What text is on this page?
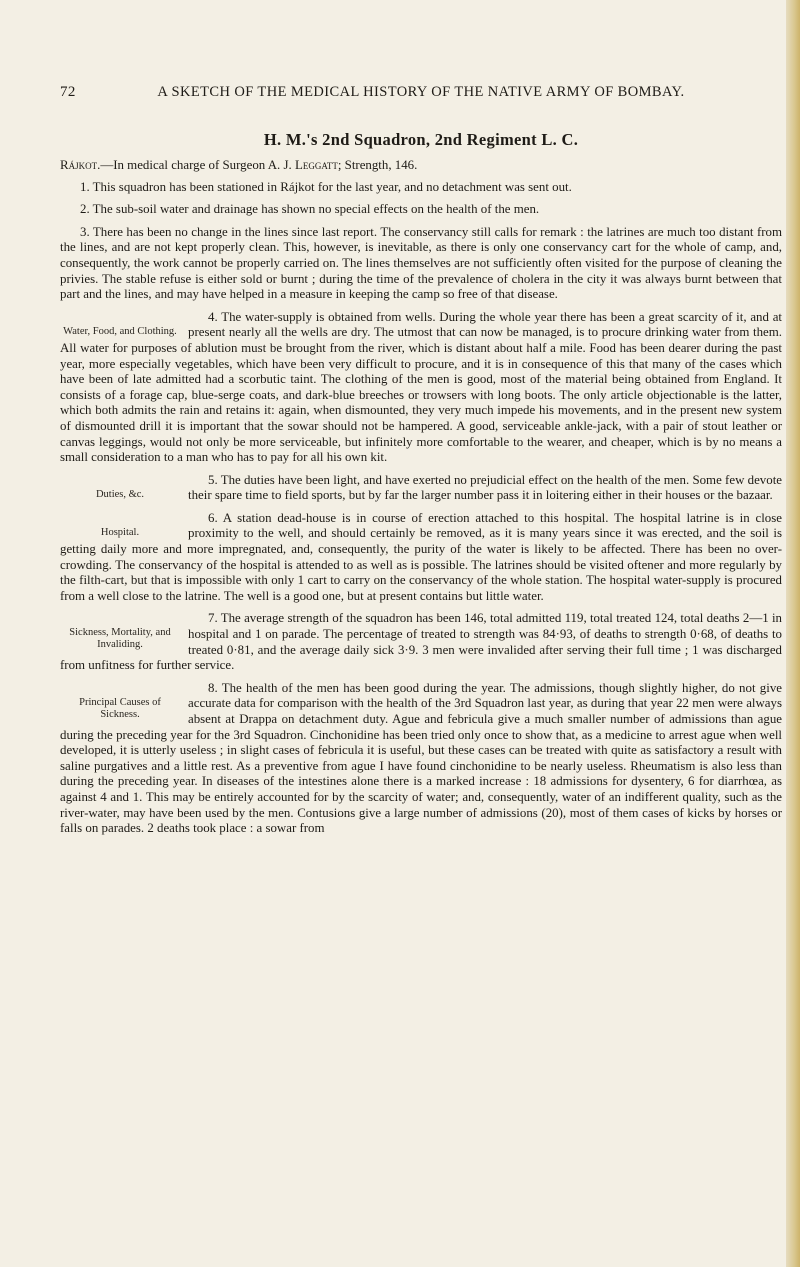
72	A SKETCH OF THE MEDICAL HISTORY OF THE NATIVE ARMY OF BOMBAY.
H. M.'s 2nd Squadron, 2nd Regiment L. C.

Rájkot.—In medical charge of Surgeon A. J. Leggatt; Strength, 146.

1. This squadron has been stationed in Rájkot for the last year, and no detachment was sent out.

2. The sub-soil water and drainage has shown no special effects on the health of the men.

3. There has been no change in the lines since last report. The conservancy still calls for remark : the latrines are much too distant from the lines, and are not kept properly clean. This, however, is inevitable, as there is only one conservancy cart for the whole of camp, and, consequently, the work cannot be properly carried on. The lines themselves are not sufficiently often visited for the purpose of cleaning the privies. The stable refuse is either sold or burnt ; during the time of the prevalence of cholera in the city it was always burnt between that part and the lines, and may have helped in a measure in keeping the camp so free of that disease.

Water, Food, and Clothing.
4. The water-supply is obtained from wells. During the whole year there has been a great scarcity of it, and at present nearly all the wells are dry. The utmost that can now be managed, is to procure drinking water from them. All water for purposes of ablution must be brought from the river, which is distant about half a mile. Food has been dearer during the past year, more especially vegetables, which have been very difficult to procure, and it is in consequence of this that many of the cases which have been of late admitted had a scorbutic taint. The clothing of the men is good, most of the material being obtained from England. It consists of a forage cap, blue-serge coats, and dark-blue breeches or trowsers with long boots. The only article objectionable is the latter, which both admits the rain and retains it: again, when dismounted, they very much impede his movements, and in the present new system of dismounted drill it is important that the sowar should not be hampered. A good, serviceable ankle-jack, with a pair of stout leather or canvas leggings, would not only be more serviceable, but infinitely more comfortable to the wearer, and cheaper, which is by no means a small consideration to a man who has to pay for all his own kit.

Duties, &c.
5. The duties have been light, and have exerted no prejudicial effect on the health of the men. Some few devote their spare time to field sports, but by far the larger number pass it in loitering either in their houses or the bazaar.

Hospital.
6. A station dead-house is in course of erection attached to this hospital. The hospital latrine is in close proximity to the well, and should certainly be removed, as it is many years since it was erected, and the soil is getting daily more and more impregnated, and, consequently, the purity of the water is likely to be affected. There has been no over-crowding. The conservancy of the hospital is attended to as well as is possible. The latrines should be visited oftener and more regularly by the filth-cart, but that is impossible with only 1 cart to carry on the conservancy of the whole station. The hospital water-supply is procured from a well close to the latrine. The well is a good one, but at present contains but little water.

Sickness, Mortality, and Invaliding.
7. The average strength of the squadron has been 146, total admitted 119, total treated 124, total deaths 2—1 in hospital and 1 on parade. The percentage of treated to strength was 84·93, of deaths to strength 0·68, of deaths to treated 0·81, and the average daily sick 3·9. 3 men were invalided after serving their full time ; 1 was discharged from unfitness for further service.

Principal Causes of Sickness.
8. The health of the men has been good during the year. The admissions, though slightly higher, do not give accurate data for comparison with the health of the 3rd Squadron last year, as during that year 22 men were always absent at Drappa on detachment duty. Ague and febricula give a much smaller number of admissions than ague during the preceding year for the 3rd Squadron. Cinchonidine has been tried only once to show that, as a medicine to arrest ague when well developed, it is utterly useless ; in slight cases of febricula it is useful, but these cases can be treated with quite as satisfactory a result with saline purgatives and a little rest. As a preventive from ague I have found cinchonidine to be nearly useless. Rheumatism is also less than during the preceding year. In diseases of the intestines alone there is a marked increase : 18 admissions for dysentery, 6 for diarrhœa, as against 4 and 1. This may be entirely accounted for by the scarcity of water; and, consequently, water of an indifferent quality, such as the river-water, may have been used by the men. Contusions give a large number of admissions (20), most of them cases of kicks by horses or falls on parades. 2 deaths took place : a sowar from
